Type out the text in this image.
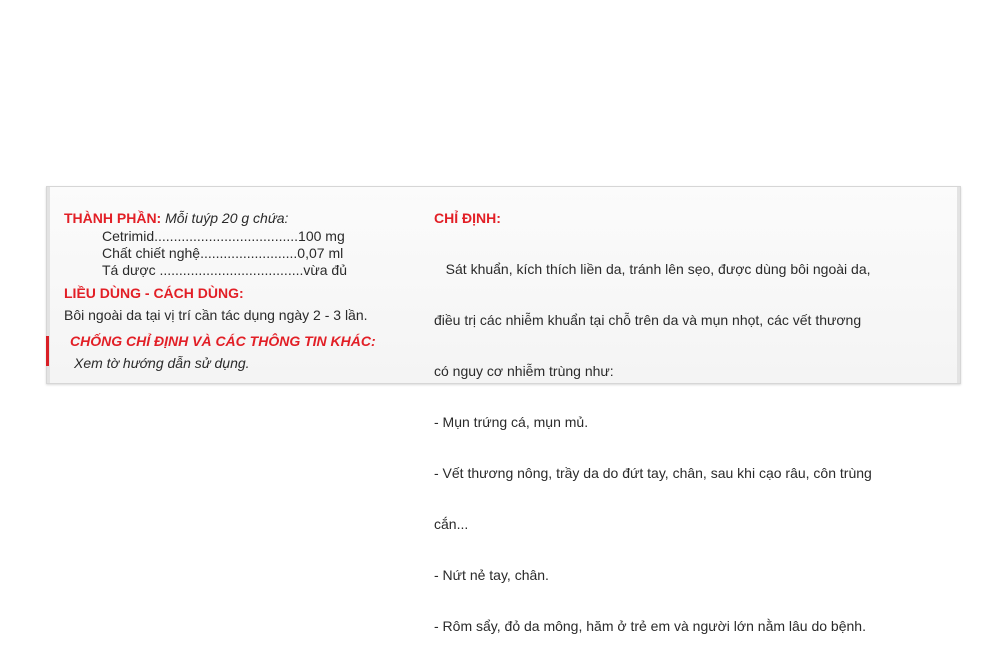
THÀNH PHẦN: Mỗi tuýp 20 g chứa:
Cetrimid.....................................100 mg
Chất chiết nghệ.........................0,07 ml
Tá dược .....................................vừa đủ
LIỀU DÙNG - CÁCH DÙNG:
Bôi ngoài da tại vị trí cần tác dụng ngày 2 - 3 lần.
CHỐNG CHỈ ĐỊNH VÀ CÁC THÔNG TIN KHÁC:
Xem tờ hướng dẫn sử dụng.
CHỈ ĐỊNH:

Sát khuẩn, kích thích liền da, tránh lên sẹo, được dùng bôi ngoài da,

điều trị các nhiễm khuẩn tại chỗ trên da và mụn nhọt, các vết thương

có nguy cơ nhiễm trùng như:

- Mụn trứng cá, mụn mủ.

- Vết thương nông, trầy da do đứt tay, chân, sau khi cạo râu, côn trùng

cắn...

- Nứt nẻ tay, chân.

- Rôm sẩy, đỏ da mông, hăm ở trẻ em và người lớn nằm lâu do bệnh.
